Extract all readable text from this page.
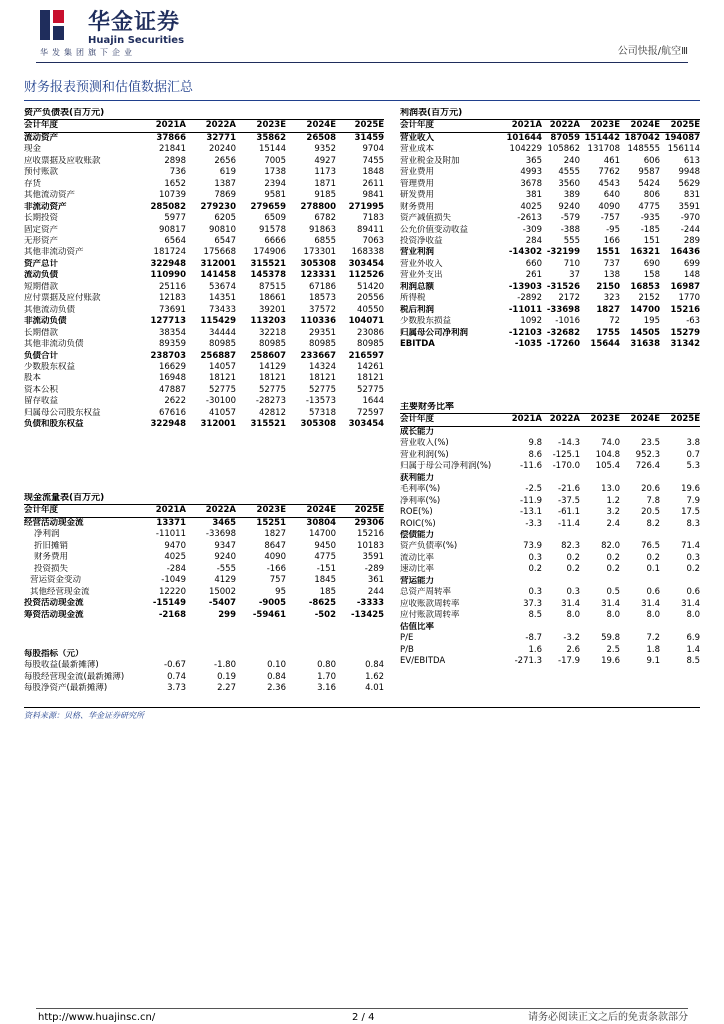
华金证券
Huajin Securities
华发集团旗下企业	公司快报/航空Ⅲ
财务报表预测和估值数据汇总
资产负债表(百万元)					
会计年度	2021A	2022A	2023E	2024E	2025E
流动资产	37866	32771	35862	26508	31459
现金	21841	20240	15144	9352	9704
应收票据及应收账款	2898	2656	7005	4927	7455
预付账款	736	619	1738	1173	1848
存货	1652	1387	2394	1871	2611
其他流动资产	10739	7869	9581	9185	9841
非流动资产	285082	279230	279659	278800	271995
长期投资	5977	6205	6509	6782	7183
固定资产	90817	90810	91578	91863	89411
无形资产	6564	6547	6666	6855	7063
其他非流动资产	181724	175668	174906	173301	168338
资产总计	322948	312001	315521	305308	303454
流动负债	110990	141458	145378	123331	112526
短期借款	25116	53674	87515	67186	51420
应付票据及应付账款	12183	14351	18661	18573	20556
其他流动负债	73691	73433	39201	37572	40550
非流动负债	127713	115429	113203	110336	104071
长期借款	38354	34444	32218	29351	23086
其他非流动负债	89359	80985	80985	80985	80985
负债合计	238703	256887	258607	233667	216597
少数股东权益	16629	14057	14129	14324	14261
股本	16948	18121	18121	18121	18121
资本公积	47887	52775	52775	52775	52775
留存收益	2622	-30100	-28273	-13573	1644
归属母公司股东权益	67616	41057	42812	57318	72597
负债和股东权益	322948	312001	315521	305308	303454
现金流量表(百万元)					
会计年度	2021A	2022A	2023E	2024E	2025E
经营活动现金流	13371	3465	15251	30804	29306
净利润	-11011	-33698	1827	14700	15216
折旧摊销	9470	9347	8647	9450	10183
财务费用	4025	9240	4090	4775	3591
投资损失	-284	-555	-166	-151	-289
营运资金变动	-1049	4129	757	1845	361
其他经营现金流	12220	15002	95	185	244
投资活动现金流	-15149	-5407	-9005	-8625	-3333
筹资活动现金流	-2168	299	-59461	-502	-13425
每股指标（元）					
每股收益(最新摊薄)	-0.67	-1.80	0.10	0.80	0.84
每股经营现金流(最新摊薄)	0.74	0.19	0.84	1.70	1.62
每股净资产(最新摊薄)	3.73	2.27	2.36	3.16	4.01
利润表(百万元)					
会计年度	2021A	2022A	2023E	2024E	2025E
营业收入	101644	87059	151442	187042	194087
营业成本	104229	105862	131708	148555	156114
营业税金及附加	365	240	461	606	613
营业费用	4993	4555	7762	9587	9948
管理费用	3678	3560	4543	5424	5629
研发费用	381	389	640	806	831
财务费用	4025	9240	4090	4775	3591
资产减值损失	-2613	-579	-757	-935	-970
公允价值变动收益	-309	-388	-95	-185	-244
投资净收益	284	555	166	151	289
营业利润	-14302	-32199	1551	16321	16436
营业外收入	660	710	737	690	699
营业外支出	261	37	138	158	148
利润总额	-13903	-31526	2150	16853	16987
所得税	-2892	2172	323	2152	1770
税后利润	-11011	-33698	1827	14700	15216
少数股东损益	1092	-1016	72	195	-63
归属母公司净利润	-12103	-32682	1755	14505	15279
EBITDA	-1035	-17260	15644	31638	31342
主要财务比率					
会计年度	2021A	2022A	2023E	2024E	2025E
成长能力					
营业收入(%)	9.8	-14.3	74.0	23.5	3.8
营业利润(%)	8.6	-125.1	104.8	952.3	0.7
归属于母公司净利润(%)	-11.6	-170.0	105.4	726.4	5.3
获利能力					
毛利率(%)	-2.5	-21.6	13.0	20.6	19.6
净利率(%)	-11.9	-37.5	1.2	7.8	7.9
ROE(%)	-13.1	-61.1	3.2	20.5	17.5
ROIC(%)	-3.3	-11.4	2.4	8.2	8.3
偿债能力					
资产负债率(%)	73.9	82.3	82.0	76.5	71.4
流动比率	0.3	0.2	0.2	0.2	0.3
速动比率	0.2	0.2	0.2	0.1	0.2
营运能力					
总资产周转率	0.3	0.3	0.5	0.6	0.6
应收账款周转率	37.3	31.4	31.4	31.4	31.4
应付账款周转率	8.5	8.0	8.0	8.0	8.0
估值比率					
P/E	-8.7	-3.2	59.8	7.2	6.9
P/B	1.6	2.6	2.5	1.8	1.4
EV/EBITDA	-271.3	-17.9	19.6	9.1	8.5
资料来源：贝格、华金证券研究所
http://www.huajinsc.cn/	2 / 4	请务必阅读正文之后的免责条款部分
